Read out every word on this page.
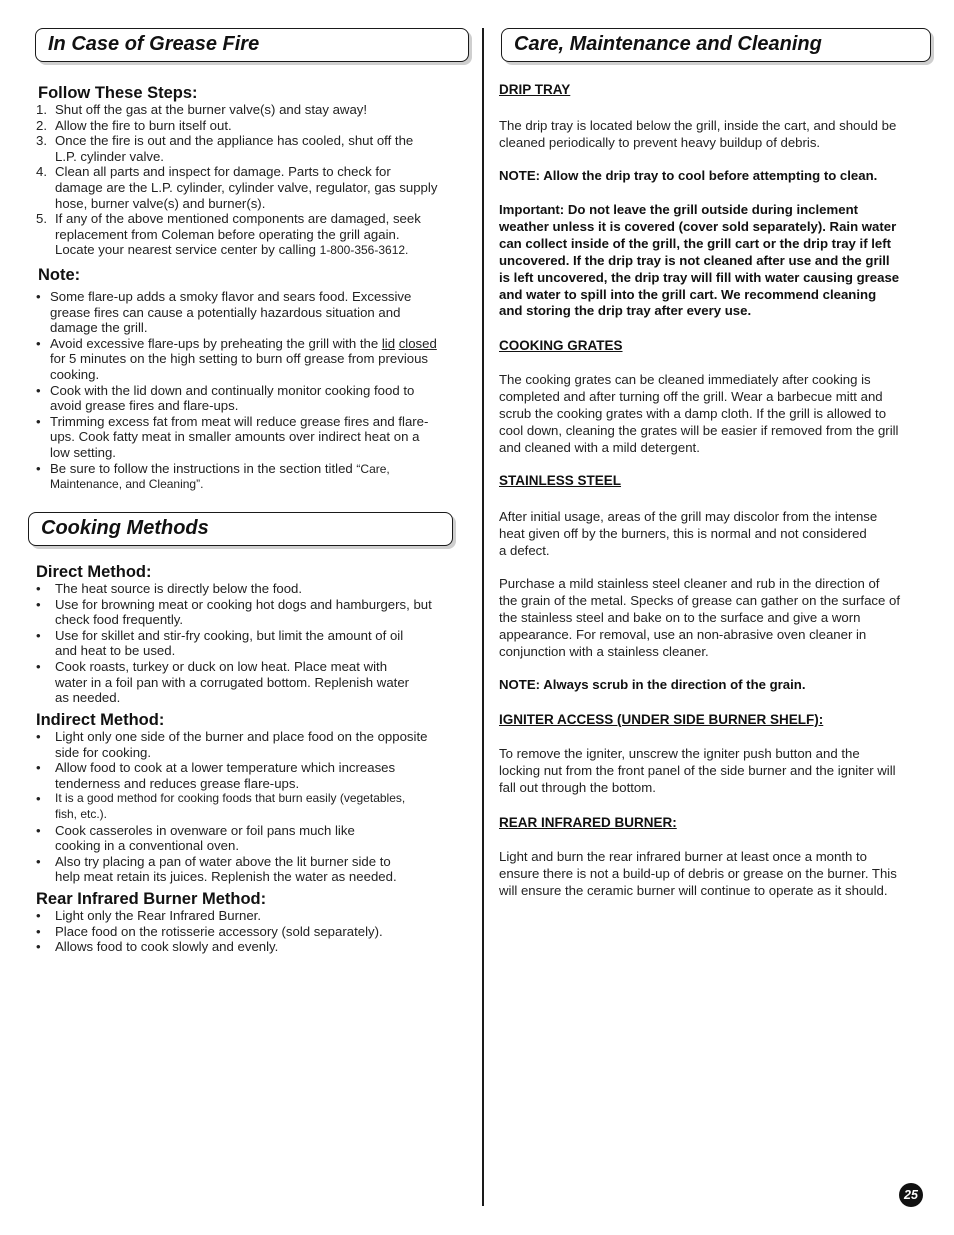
In Case of Grease Fire
Follow These Steps:
1. Shut off the gas at the burner valve(s) and stay away!
2. Allow the fire to burn itself out.
3. Once the fire is out and the appliance has cooled, shut off the
L.P. cylinder valve.
4. Clean all parts and inspect for damage. Parts to check for
damage are the L.P. cylinder, cylinder valve, regulator, gas supply
hose, burner valve(s) and burner(s).
5. If any of the above mentioned components are damaged, seek
replacement from Coleman before operating the grill again.
Locate your nearest service center by calling 1-800-356-3612.
Note:
• Some flare-up adds a smoky flavor and sears food. Excessive
grease fires can cause a potentially hazardous situation and
damage the grill.
• Avoid excessive flare-ups by preheating the grill with the lid closed
for 5 minutes on the high setting to burn off grease from previous
cooking.
• Cook with the lid down and continually monitor cooking food to
avoid grease fires and flare-ups.
• Trimming excess fat from meat will reduce grease fires and flare-
ups. Cook fatty meat in smaller amounts over indirect heat on a
low setting.
• Be sure to follow the instructions in the section titled “Care,
Maintenance, and Cleaning”.
Cooking Methods
Direct Method:
• The heat source is directly below the food.
• Use for browning meat or cooking hot dogs and hamburgers, but
check food frequently.
• Use for skillet and stir-fry cooking, but limit the amount of oil
and heat to be used.
• Cook roasts, turkey or duck on low heat. Place meat with
water in a foil pan with a corrugated bottom. Replenish water
as needed.
Indirect Method:
• Light only one side of the burner and place food on the opposite
side for cooking.
• Allow food to cook at a lower temperature which increases
tenderness and reduces grease flare-ups.
• It is a good method for cooking foods that burn easily (vegetables,
fish, etc.).
• Cook casseroles in ovenware or foil pans much like
cooking in a conventional oven.
• Also try placing a pan of water above the lit burner side to
help meat retain its juices. Replenish the water as needed.
Rear Infrared Burner Method:
• Light only the Rear Infrared Burner.
• Place food on the rotisserie accessory (sold separately).
• Allows food to cook slowly and evenly.
Care, Maintenance and Cleaning
DRIP TRAY
The drip tray is located below the grill, inside the cart, and should be
cleaned periodically to prevent heavy buildup of debris.
NOTE: Allow the drip tray to cool before attempting to clean.
Important: Do not leave the grill outside during inclement
weather unless it is covered (cover sold separately). Rain water
can collect inside of the grill, the grill cart or the drip tray if left
uncovered. If the drip tray is not cleaned after use and the grill
is left uncovered, the drip tray will fill with water causing grease
and water to spill into the grill cart. We recommend cleaning
and storing the drip tray after every use.
COOKING GRATES
The cooking grates can be cleaned immediately after cooking is
completed and after turning off the grill. Wear a barbecue mitt and
scrub the cooking grates with a damp cloth. If the grill is allowed to
cool down, cleaning the grates will be easier if removed from the grill
and cleaned with a mild detergent.
STAINLESS STEEL
After initial usage, areas of the grill may discolor from the intense
heat given off by the burners, this is normal and not considered
a defect.
Purchase a mild stainless steel cleaner and rub in the direction of
the grain of the metal. Specks of grease can gather on the surface of
the stainless steel and bake on to the surface and give a worn
appearance. For removal, use an non-abrasive oven cleaner in
conjunction with a stainless cleaner.
NOTE: Always scrub in the direction of the grain.
IGNITER ACCESS (UNDER SIDE BURNER SHELF):
To remove the igniter, unscrew the igniter push button and the
locking nut from the front panel of the side burner and the igniter will
fall out through the bottom.
REAR INFRARED BURNER:
Light and burn the rear infrared burner at least once a month to
ensure there is not a build-up of debris or grease on the burner. This
will ensure the ceramic burner will continue to operate as it should.
25
